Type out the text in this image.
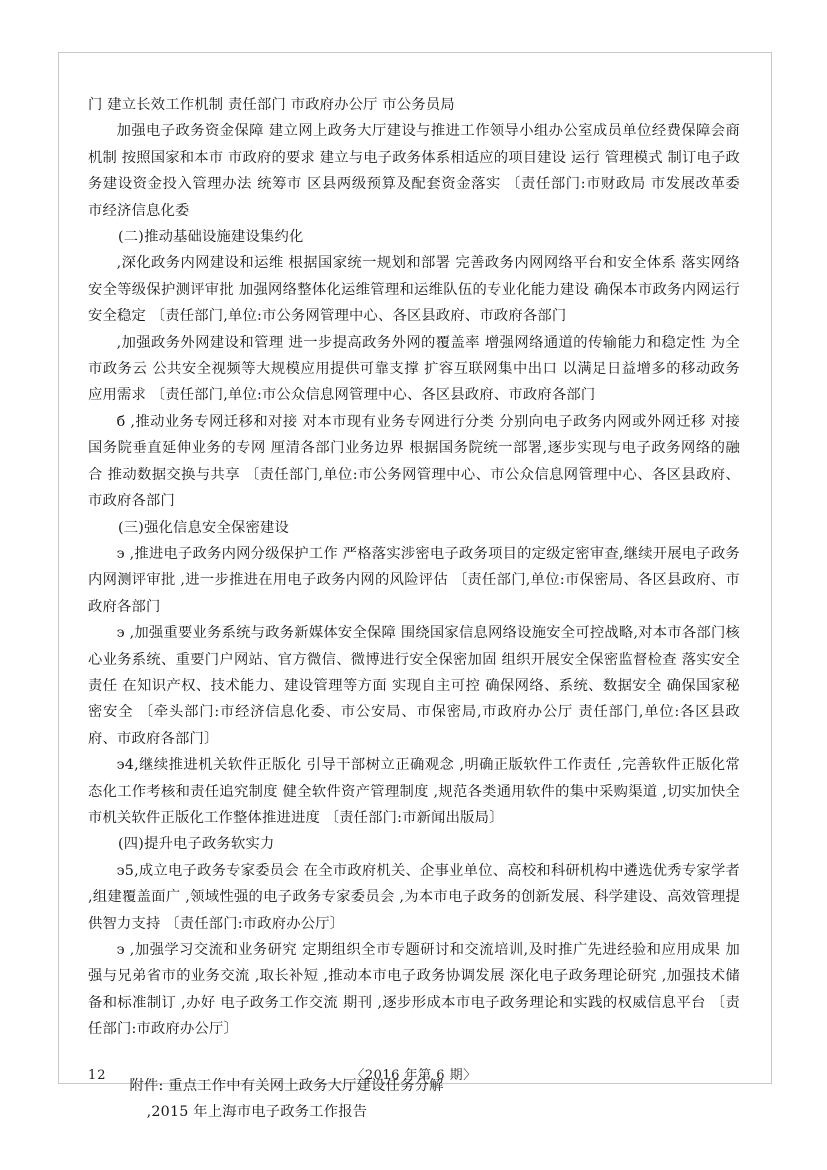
门 建立长效工作机制 责任部门 市政府办公厅 市公务员局

加强电子政务资金保障 建立网上政务大厅建设与推进工作领导小组办公室成员单位经费保障会商机制 按照国家和本市 市政府的要求 建立与电子政务体系相适应的项目建设 运行 管理模式 制订电子政务建设资金投入管理办法 统筹市 区县两级预算及配套资金落实 〔责任部门:市财政局 市发展改革委 市经济信息化委

(二)推动基础设施建设集约化

,深化政务内网建设和运维 根据国家统一规划和部署 完善政务内网网络平台和安全体系 落实网络安全等级保护测评审批 加强网络整体化运维管理和运维队伍的专业化能力建设 确保本市政务内网运行安全稳定 〔责任部门,单位:市公务网管理中心、各区县政府、市政府各部门

,加强政务外网建设和管理 进一步提高政务外网的覆盖率 增强网络通道的传输能力和稳定性 为全市政务云 公共安全视频等大规模应用提供可靠支撑 扩容互联网集中出口 以满足日益增多的移动政务应用需求 〔责任部门,单位:市公众信息网管理中心、各区县政府、市政府各部门

б ,推动业务专网迁移和对接 对本市现有业务专网进行分类 分别向电子政务内网或外网迁移 对接国务院垂直延伸业务的专网 厘清各部门业务边界 根据国务院统一部署,逐步实现与电子政务网络的融合 推动数据交换与共享 〔责任部门,单位:市公务网管理中心、市公众信息网管理中心、各区县政府、市政府各部门

(三)强化信息安全保密建设

э ,推进电子政务内网分级保护工作 严格落实涉密电子政务项目的定级定密审查,继续开展电子政务内网测评审批 ,进一步推进在用电子政务内网的风险评估 〔责任部门,单位:市保密局、各区县政府、市政府各部门

э ,加强重要业务系统与政务新媒体安全保障 围绕国家信息网络设施安全可控战略,对本市各部门核心业务系统、重要门户网站、官方微信、微博进行安全保密加固 组织开展安全保密监督检查 落实安全责任 在知识产权、技术能力、建设管理等方面 实现自主可控 确保网络、系统、数据安全 确保国家秘密安全 〔牵头部门:市经济信息化委、市公安局、市保密局,市政府办公厅 责任部门,单位:各区县政府、市政府各部门〕

э4,继续推进机关软件正版化 引导干部树立正确观念 ,明确正版软件工作责任 ,完善软件正版化常态化工作考核和责任追究制度 健全软件资产管理制度 ,规范各类通用软件的集中采购渠道 ,切实加快全市机关软件正版化工作整体推进进度 〔责任部门:市新闻出版局〕

(四)提升电子政务软实力

э5,成立电子政务专家委员会 在全市政府机关、企事业单位、高校和科研机构中遴选优秀专家学者 ,组建覆盖面广 ,领域性强的电子政务专家委员会 ,为本市电子政务的创新发展、科学建设、高效管理提供智力支持 〔责任部门:市政府办公厅〕

э ,加强学习交流和业务研究 定期组织全市专题研讨和交流培训,及时推广先进经验和应用成果 加强与兄弟省市的业务交流 ,取长补短 ,推动本市电子政务协调发展 深化电子政务理论研究 ,加强技术储备和标准制订 ,办好 电子政务工作交流 期刊 ,逐步形成本市电子政务理论和实践的权威信息平台 〔责任部门:市政府办公厅〕

附件: 重点工作中有关网上政务大厅建设任务分解

,2015 年上海市电子政务工作报告

12	〈2016 年第 6 期〉
